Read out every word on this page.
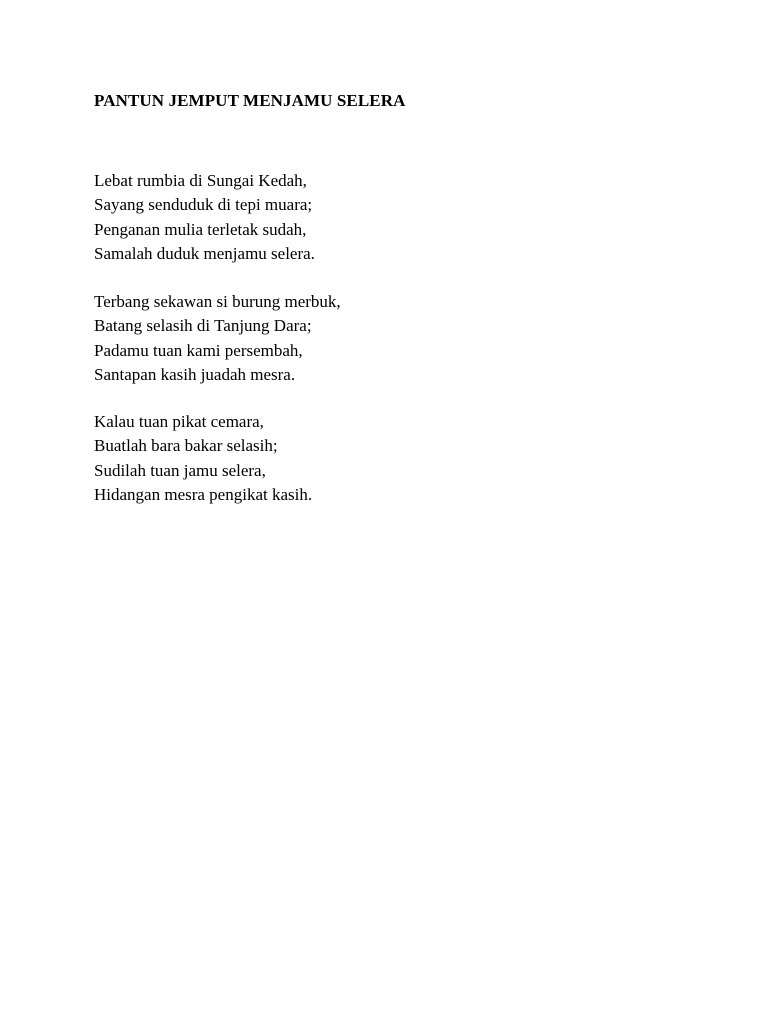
PANTUN JEMPUT MENJAMU SELERA
Lebat rumbia di Sungai Kedah,
Sayang senduduk di tepi muara;
Penganan mulia terletak sudah,
Samalah duduk menjamu selera.
Terbang sekawan si burung merbuk,
Batang selasih di Tanjung Dara;
Padamu tuan kami persembah,
Santapan kasih juadah mesra.
Kalau tuan pikat cemara,
Buatlah bara bakar selasih;
Sudilah tuan jamu selera,
Hidangan mesra pengikat kasih.
